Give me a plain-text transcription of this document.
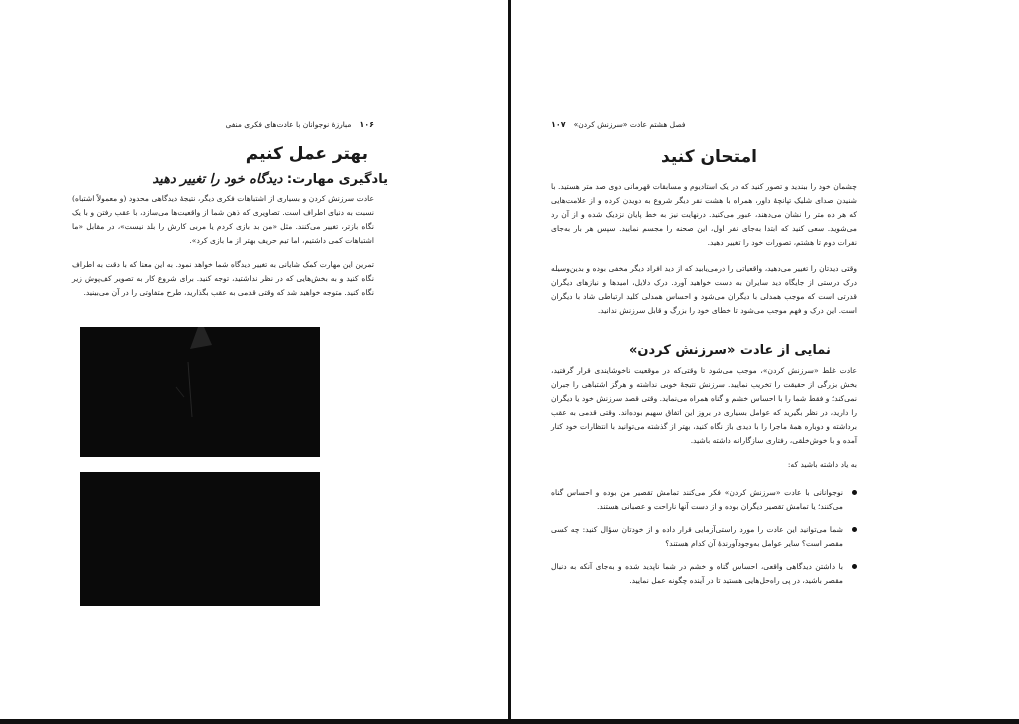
۱۰۶
مبارزهٔ نوجوانان با عادت‌های فکری منفی
بهتر عمل کنیم
یادگیری مهارت: دیدگاه خود را تغییر دهید

عادت سرزنش کردن و بسیاری از اشتباهات فکری دیگر، نتیجهٔ دیدگاهی محدود (و معمولاً اشتباه) نسبت به دنیای اطراف است. تصاویری که ذهن شما از واقعیت‌ها می‌سازد، با عقب رفتن و با یک نگاه بازتر، تغییر می‌کنند. مثل «من بد بازی کردم یا مربی کارش را بلد نیست»، در مقابل «ما اشتباهات کمی داشتیم، اما تیم حریف بهتر از ما بازی کرد».

تمرین این مهارت کمک شایانی به تغییر دیدگاه شما خواهد نمود. به این معنا که با دقت به اطراف نگاه کنید و به بخش‌هایی که در نظر نداشتید، توجه کنید. برای شروع کار به تصویر کف‌پوش زیر نگاه کنید. متوجه خواهید شد که وقتی قدمی به عقب بگذارید، طرح متفاوتی را در آن می‌بینید.

فصل هشتم عادت «سرزنش کردن»
۱۰۷
امتحان کنید

چشمان خود را ببندید و تصور کنید که در یک استادیوم و مسابقات قهرمانی دوی صد متر هستید. با شنیدن صدای شلیک تپانچهٔ داور، همراه با هشت نفر دیگر شروع به دویدن کرده و از علامت‌هایی که هر ده متر را نشان می‌دهند، عبور می‌کنید. درنهایت نیز به خط پایان نزدیک شده و از آن رد می‌شوید. سعی کنید که ابتدا به‌جای نفر اول، این صحنه را مجسم نمایید. سپس هر بار به‌جای نفرات دوم تا هشتم، تصورات خود را تغییر دهید.

وقتی دیدتان را تغییر می‌دهید، واقعیاتی را درمی‌یابید که از دید افراد دیگر مخفی بوده و بدین‌وسیله درک درستی از جایگاه دید سایران به دست خواهید آورد. درک دلایل، امیدها و نیازهای دیگران قدرتی است که موجب همدلی با دیگران می‌شود و احساس همدلی کلید ارتباطی شاد با دیگران است. این درک و فهم موجب می‌شود تا خطای خود را بزرگ و قابل سرزنش ندانید.

نمایی از عادت «سرزنش کردن»

عادت غلط «سرزنش کردن»، موجب می‌شود تا وقتی‌که در موقعیت ناخوشایندی قرار گرفتید، بخش بزرگی از حقیقت را تخریب نمایید. سرزنش نتیجهٔ خوبی نداشته و هرگز اشتباهی را جبران نمی‌کند؛ و فقط شما را با احساس خشم و گناه همراه می‌نماید. وقتی قصد سرزنش خود یا دیگران را دارید، در نظر بگیرید که عوامل بسیاری در بروز این اتفاق سهیم بوده‌اند. وقتی قدمی به عقب برداشته و دوباره همهٔ ماجرا را با دیدی باز نگاه کنید، بهتر از گذشته می‌توانید با انتظارات خود کنار آمده و با خوش‌خلقی، رفتاری سازگارانه داشته باشید.

به یاد داشته باشید که:

نوجوانانی با عادت «سرزنش کردن» فکر می‌کنند تمامش تقصیر من بوده و احساس گناه می‌کنند؛ یا تمامش تقصیر دیگران بوده و از دست آنها ناراحت و عصبانی هستند.
شما می‌توانید این عادت را مورد راستی‌آزمایی قرار داده و از خودتان سؤال کنید: چه کسی مقصر است؟ سایر عوامل به‌وجودآورندهٔ آن کدام هستند؟
با داشتن دیدگاهی واقعی، احساس گناه و خشم در شما ناپدید شده و به‌جای آنکه به دنبال مقصر باشید، در پی راه‌حل‌هایی هستید تا در آینده چگونه عمل نمایید.
